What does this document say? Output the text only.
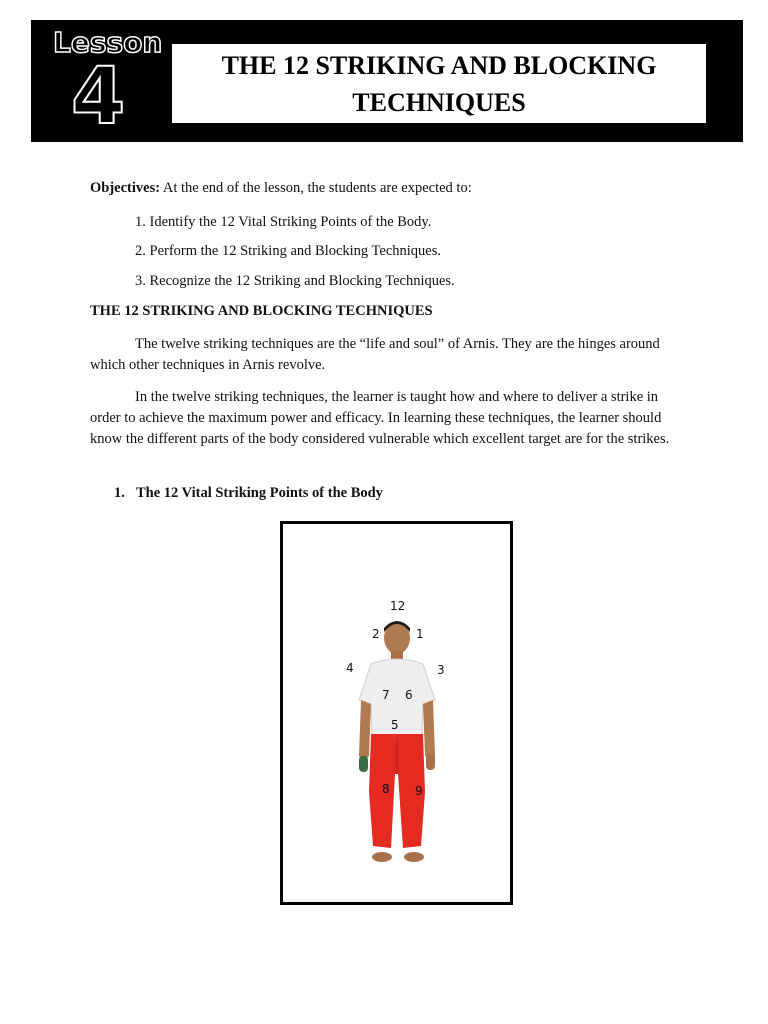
Lesson
4	THE 12 STRIKING AND BLOCKING TECHNIQUES
Objectives: At the end of the lesson, the students are expected to:
1. Identify the 12 Vital Striking Points of the Body.
2. Perform the 12 Striking and Blocking Techniques.
3. Recognize the 12 Striking and Blocking Techniques.
THE 12 STRIKING AND BLOCKING TECHNIQUES

The twelve striking techniques are the “life and soul” of Arnis. They are the hinges around which other techniques in Arnis revolve.

In the twelve striking techniques, the learner is taught how and where to deliver a strike in order to achieve the maximum power and efficacy. In learning these techniques, the learner should know the different parts of the body considered vulnerable which excellent target are for the strikes.

1. The 12 Vital Striking Points of the Body
12
2	1
4	3
7 6
5
8 9
